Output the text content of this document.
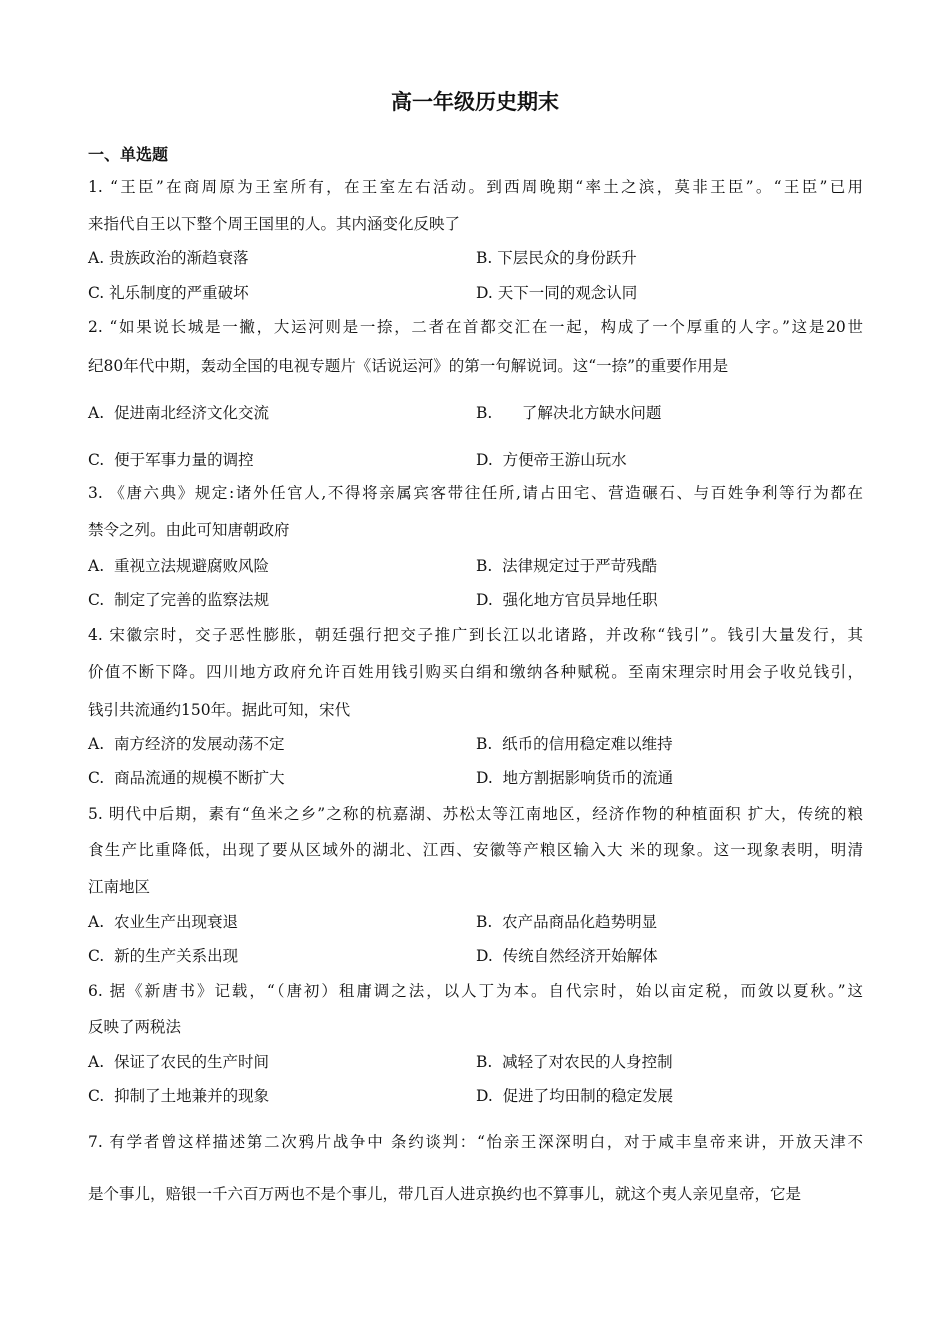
高一年级历史期末
一、单选题
1. “王臣”在商周原为王室所有，在王室左右活动。到西周晚期“率土之滨，莫非王臣”。“王臣”已用
来指代自王以下整个周王国里的人。其内涵变化反映了
A. 贵族政治的渐趋衰落	B. 下层民众的身份跃升
C. 礼乐制度的严重破坏	D. 天下一同的观念认同
2. “如果说长城是一撇，大运河则是一捺，二者在首都交汇在一起，构成了一个厚重的人字。”这是20世
纪80年代中期，轰动全国的电视专题片《话说运河》的第一句解说词。这“一捺”的重要作用是
A.  促进南北经济文化交流	B.      了解决北方缺水问题
C.  便于军事力量的调控	D.  方便帝王游山玩水
3. 《唐六典》规定:诸外任官人,不得将亲属宾客带往任所,请占田宅、营造碾石、与百姓争利等行为都在
禁令之列。由此可知唐朝政府
A.  重视立法规避腐败风险	B.  法律规定过于严苛残酷
C.  制定了完善的监察法规	D.  强化地方官员异地任职
4. 宋徽宗时，交子恶性膨胀，朝廷强行把交子推广到长江以北诸路，并改称“钱引”。钱引大量发行，其
价值不断下降。四川地方政府允许百姓用钱引购买白绢和缴纳各种赋税。至南宋理宗时用会子收兑钱引，
钱引共流通约150年。据此可知，宋代
A.  南方经济的发展动荡不定	B.  纸币的信用稳定难以维持
C.  商品流通的规模不断扩大	D.  地方割据影响货币的流通
5. 明代中后期，素有“鱼米之乡”之称的杭嘉湖、苏松太等江南地区，经济作物的种植面积 扩大，传统的粮
食生产比重降低，出现了要从区域外的湖北、江西、安徽等产粮区输入大 米的现象。这一现象表明，明清
江南地区
A.  农业生产出现衰退	B.  农产品商品化趋势明显
C.  新的生产关系出现	D.  传统自然经济开始解体
6. 据《新唐书》记载，“（唐初）租庸调之法，以人丁为本。自代宗时，始以亩定税，而敛以夏秋。”这
反映了两税法
A.  保证了农民的生产时间	B.  减轻了对农民的人身控制
C.  抑制了土地兼并的现象	D.  促进了均田制的稳定发展
7. 有学者曾这样描述第二次鸦片战争中 条约谈判：“怡亲王深深明白，对于咸丰皇帝来讲，开放天津不
是个事儿，赔银一千六百万两也不是个事儿，带几百人进京换约也不算事儿，就这个夷人亲见皇帝，它是
